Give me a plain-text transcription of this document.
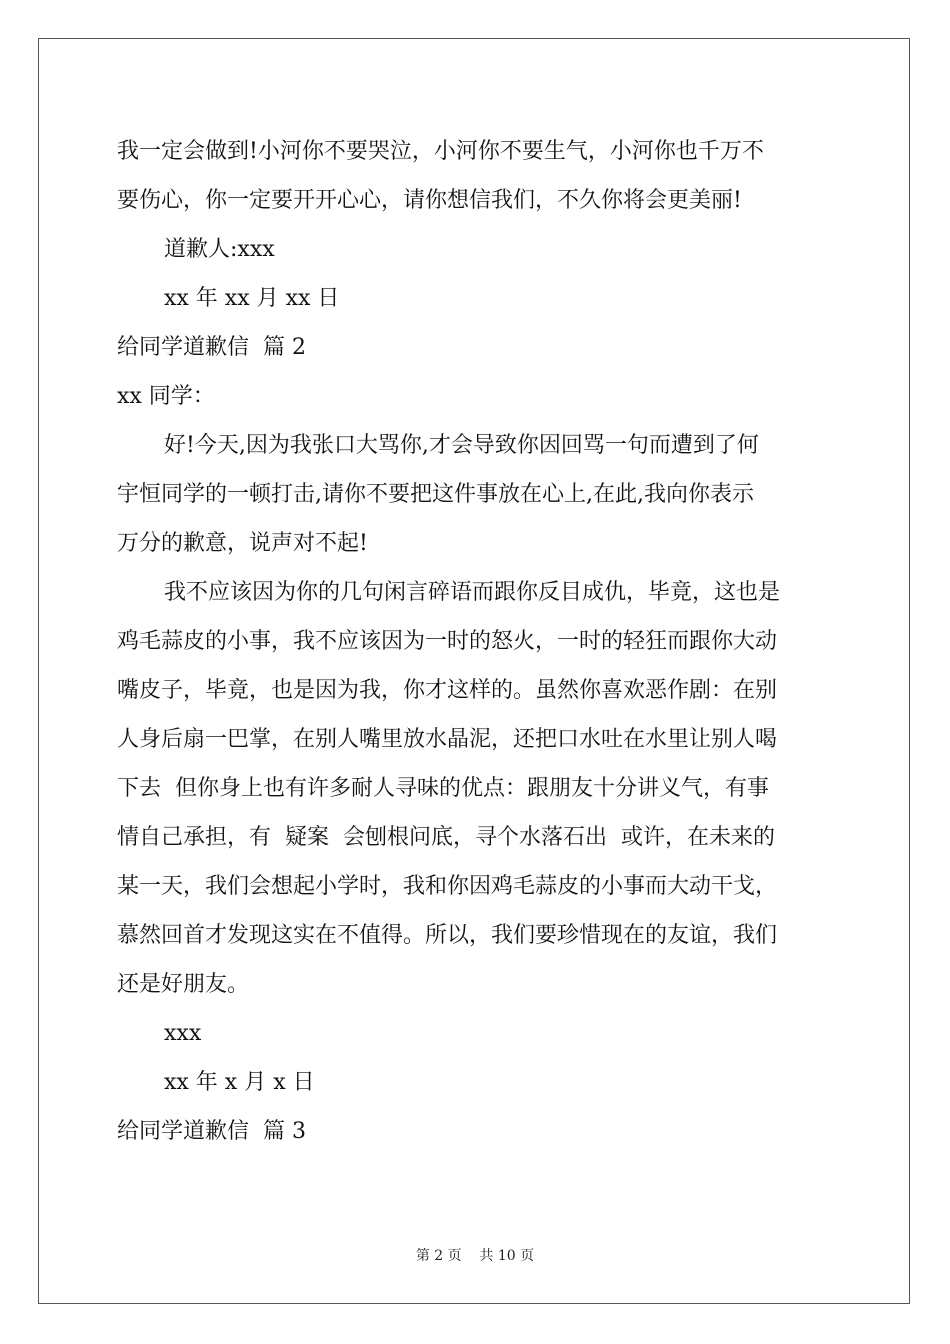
我一定会做到!小河你不要哭泣，小河你不要生气，小河你也千万不

要伤心，你一定要开开心心，请你想信我们，不久你将会更美丽!

道歉人:xxx

xx 年 xx 月 xx 日

给同学道歉信  篇 2

xx 同学：

好!今天,因为我张口大骂你,才会导致你因回骂一句而遭到了何

宇恒同学的一顿打击,请你不要把这件事放在心上,在此,我向你表示

万分的歉意，说声对不起!

我不应该因为你的几句闲言碎语而跟你反目成仇，毕竟，这也是

鸡毛蒜皮的小事，我不应该因为一时的怒火，一时的轻狂而跟你大动

嘴皮子，毕竟，也是因为我，你才这样的。虽然你喜欢恶作剧：在别

人身后扇一巴掌，在别人嘴里放水晶泥，还把口水吐在水里让别人喝

下去  但你身上也有许多耐人寻味的优点：跟朋友十分讲义气，有事

情自己承担，有  疑案  会刨根问底，寻个水落石出  或许，在未来的

某一天，我们会想起小学时，我和你因鸡毛蒜皮的小事而大动干戈，

慕然回首才发现这实在不值得。所以，我们要珍惜现在的友谊，我们

还是好朋友。

xxx

xx 年 x 月 x 日

给同学道歉信  篇 3

第 2 页    共 10 页
